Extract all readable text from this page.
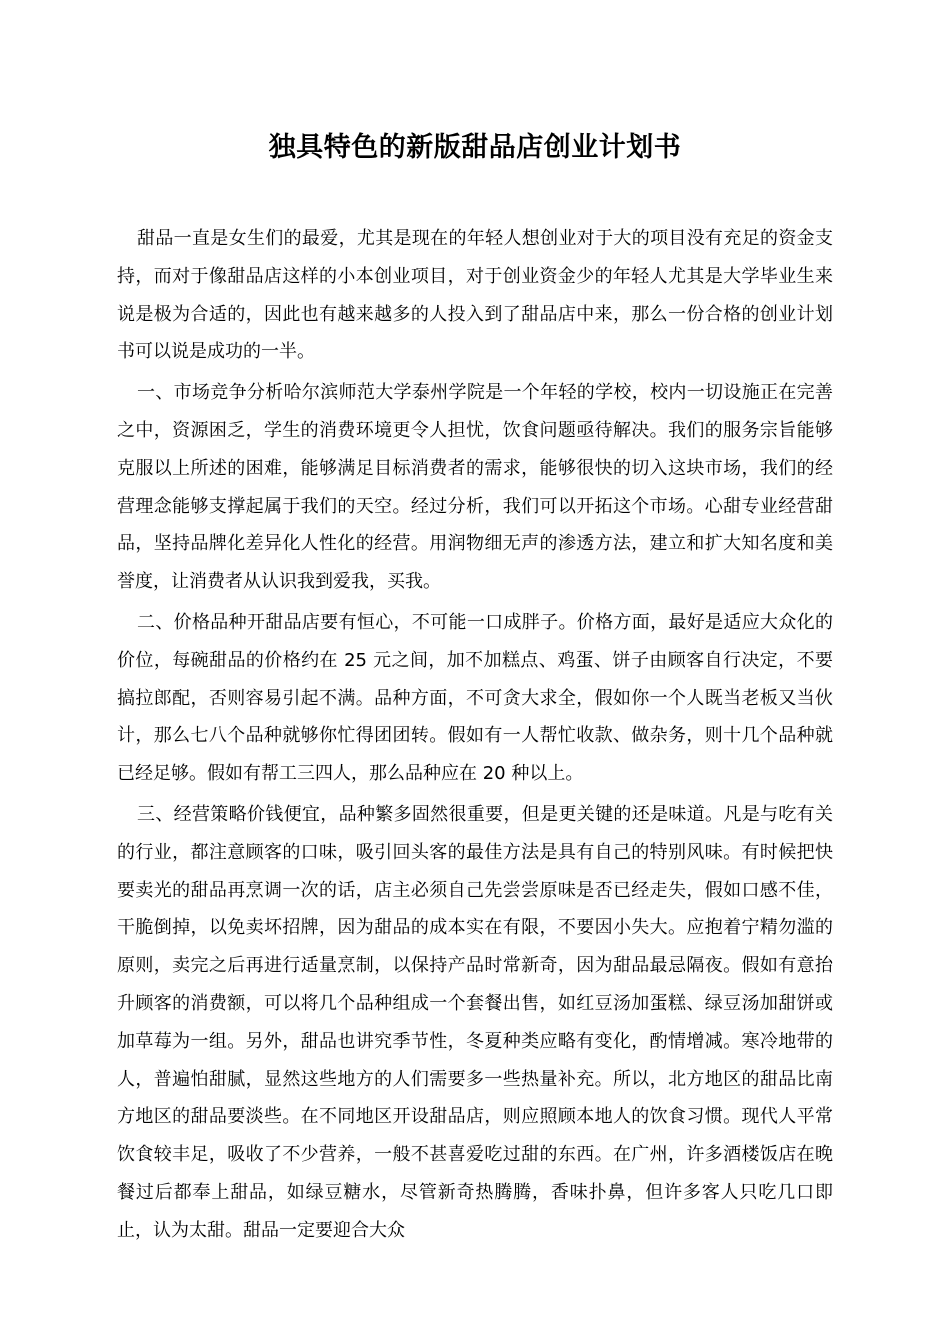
独具特色的新版甜品店创业计划书

甜品一直是女生们的最爱，尤其是现在的年轻人想创业对于大的项目没有充足的资金支持，而对于像甜品店这样的小本创业项目，对于创业资金少的年轻人尤其是大学毕业生来说是极为合适的，因此也有越来越多的人投入到了甜品店中来，那么一份合格的创业计划书可以说是成功的一半。

一、市场竞争分析哈尔滨师范大学泰州学院是一个年轻的学校，校内一切设施正在完善之中，资源困乏，学生的消费环境更令人担忧，饮食问题亟待解决。我们的服务宗旨能够克服以上所述的困难，能够满足目标消费者的需求，能够很快的切入这块市场，我们的经营理念能够支撑起属于我们的天空。经过分析，我们可以开拓这个市场。心甜专业经营甜品，坚持品牌化差异化人性化的经营。用润物细无声的渗透方法，建立和扩大知名度和美誉度，让消费者从认识我到爱我，买我。

二、价格品种开甜品店要有恒心，不可能一口成胖子。价格方面，最好是适应大众化的价位，每碗甜品的价格约在 25 元之间，加不加糕点、鸡蛋、饼子由顾客自行决定，不要搞拉郎配，否则容易引起不满。品种方面，不可贪大求全，假如你一个人既当老板又当伙计，那么七八个品种就够你忙得团团转。假如有一人帮忙收款、做杂务，则十几个品种就已经足够。假如有帮工三四人，那么品种应在 20 种以上。

三、经营策略价钱便宜，品种繁多固然很重要，但是更关键的还是味道。凡是与吃有关的行业，都注意顾客的口味，吸引回头客的最佳方法是具有自己的特别风味。有时候把快要卖光的甜品再烹调一次的话，店主必须自己先尝尝原味是否已经走失，假如口感不佳，干脆倒掉，以免卖坏招牌，因为甜品的成本实在有限，不要因小失大。应抱着宁精勿滥的原则，卖完之后再进行适量烹制，以保持产品时常新奇，因为甜品最忌隔夜。假如有意抬升顾客的消费额，可以将几个品种组成一个套餐出售，如红豆汤加蛋糕、绿豆汤加甜饼或加草莓为一组。另外，甜品也讲究季节性，冬夏种类应略有变化，酌情增减。寒冷地带的人，普遍怕甜腻，显然这些地方的人们需要多一些热量补充。所以，北方地区的甜品比南方地区的甜品要淡些。在不同地区开设甜品店，则应照顾本地人的饮食习惯。现代人平常饮食较丰足，吸收了不少营养，一般不甚喜爱吃过甜的东西。在广州，许多酒楼饭店在晚餐过后都奉上甜品，如绿豆糖水，尽管新奇热腾腾，香味扑鼻，但许多客人只吃几口即止，认为太甜。甜品一定要迎合大众
